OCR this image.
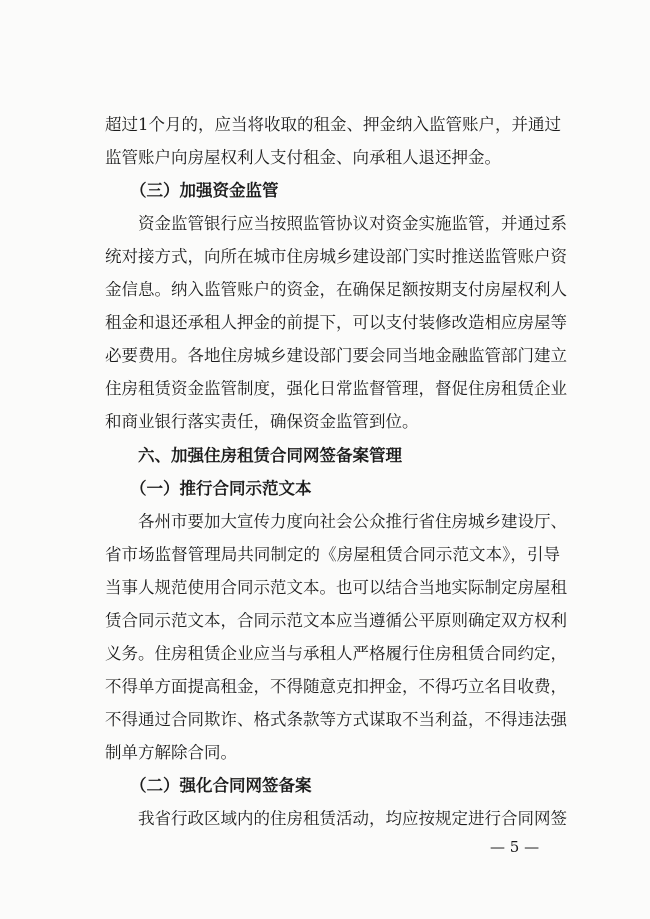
超过1个月的，应当将收取的租金、押金纳入监管账户，并通过
监管账户向房屋权利人支付租金、向承租人退还押金。
（三）加强资金监管
资金监管银行应当按照监管协议对资金实施监管，并通过系
统对接方式，向所在城市住房城乡建设部门实时推送监管账户资
金信息。纳入监管账户的资金，在确保足额按期支付房屋权利人
租金和退还承租人押金的前提下，可以支付装修改造相应房屋等
必要费用。各地住房城乡建设部门要会同当地金融监管部门建立
住房租赁资金监管制度，强化日常监督管理，督促住房租赁企业
和商业银行落实责任，确保资金监管到位。
六、加强住房租赁合同网签备案管理
（一）推行合同示范文本
各州市要加大宣传力度向社会公众推行省住房城乡建设厅、
省市场监督管理局共同制定的《房屋租赁合同示范文本》，引导
当事人规范使用合同示范文本。也可以结合当地实际制定房屋租
赁合同示范文本，合同示范文本应当遵循公平原则确定双方权利
义务。住房租赁企业应当与承租人严格履行住房租赁合同约定，
不得单方面提高租金，不得随意克扣押金，不得巧立名目收费，
不得通过合同欺诈、格式条款等方式谋取不当利益，不得违法强
制单方解除合同。
（二）强化合同网签备案
我省行政区域内的住房租赁活动，均应按规定进行合同网签
— 5 —
